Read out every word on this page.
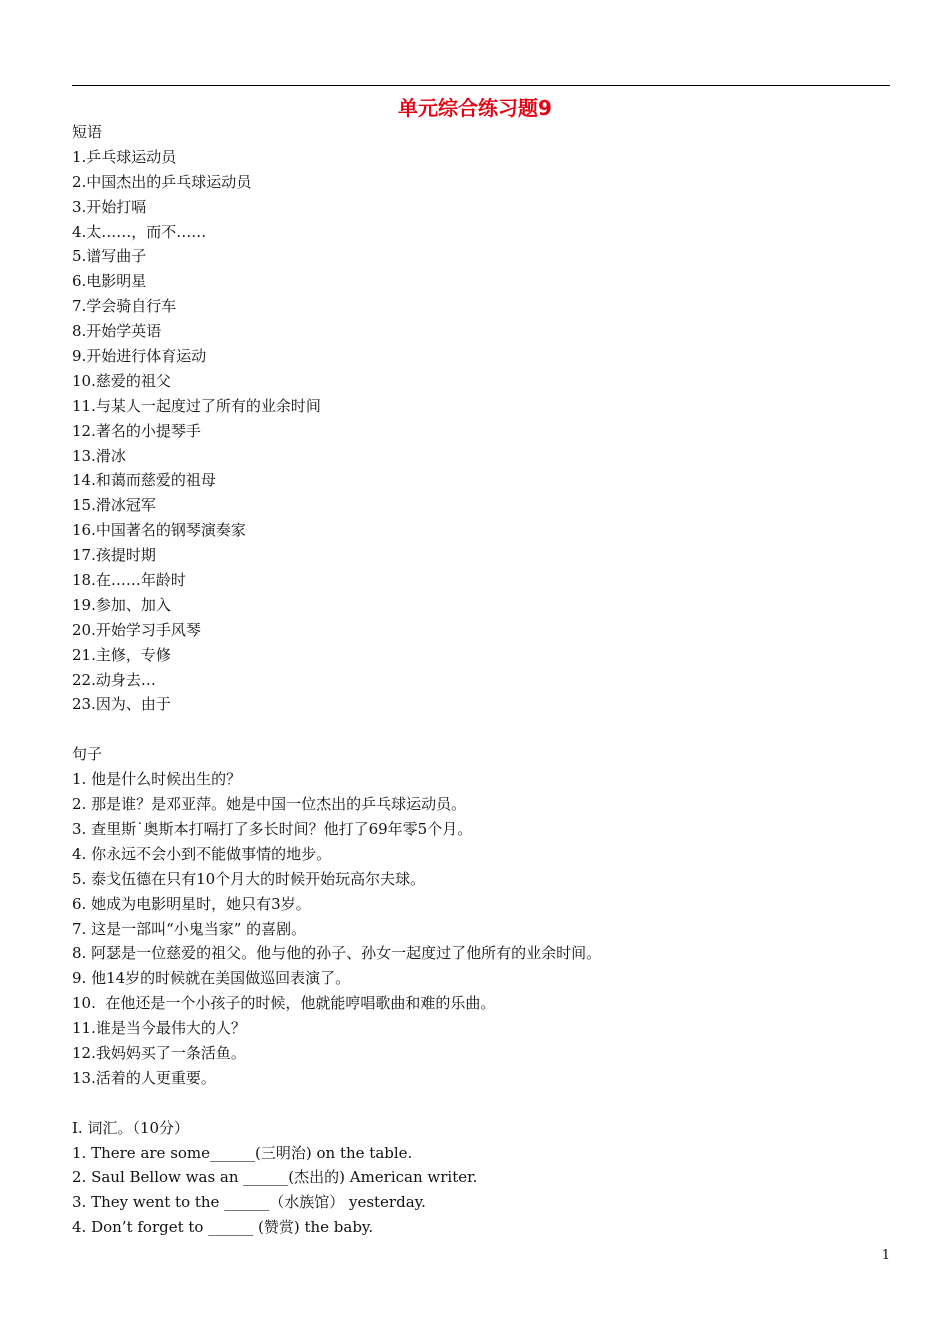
单元综合练习题9
短语
1.乒乓球运动员
2.中国杰出的乒乓球运动员
3.开始打嗝
4.太……，而不……
5.谱写曲子
6.电影明星
7.学会骑自行车
8.开始学英语
9.开始进行体育运动
10.慈爱的祖父
11.与某人一起度过了所有的业余时间
12.著名的小提琴手
13.滑冰
14.和蔼而慈爱的祖母
15.滑冰冠军
16.中国著名的钢琴演奏家
17.孩提时期
18.在……年龄时
19.参加、加入
20.开始学习手风琴
21.主修，专修
22.动身去…
23.因为、由于
句子
1. 他是什么时候出生的？
2. 那是谁？是邓亚萍。她是中国一位杰出的乒乓球运动员。
3. 查里斯˙奥斯本打嗝打了多长时间？他打了69年零5个月。
4. 你永远不会小到不能做事情的地步。
5. 泰戈伍德在只有10个月大的时候开始玩高尔夫球。
6. 她成为电影明星时，她只有3岁。
7. 这是一部叫“小鬼当家” 的喜剧。
8. 阿瑟是一位慈爱的祖父。他与他的孙子、孙女一起度过了他所有的业余时间。
9. 他14岁的时候就在美国做巡回表演了。
10.  在他还是一个小孩子的时候，他就能哼唱歌曲和难的乐曲。
11.谁是当今最伟大的人？
12.我妈妈买了一条活鱼。
13.活着的人更重要。
I. 词汇。（10分）
1. There are some______(三明治) on the table.
2. Saul Bellow was an ______(杰出的) American writer.
3. They went to the ______（水族馆） yesterday.
4. Don’t forget to ______ (赞赏) the baby.
1
